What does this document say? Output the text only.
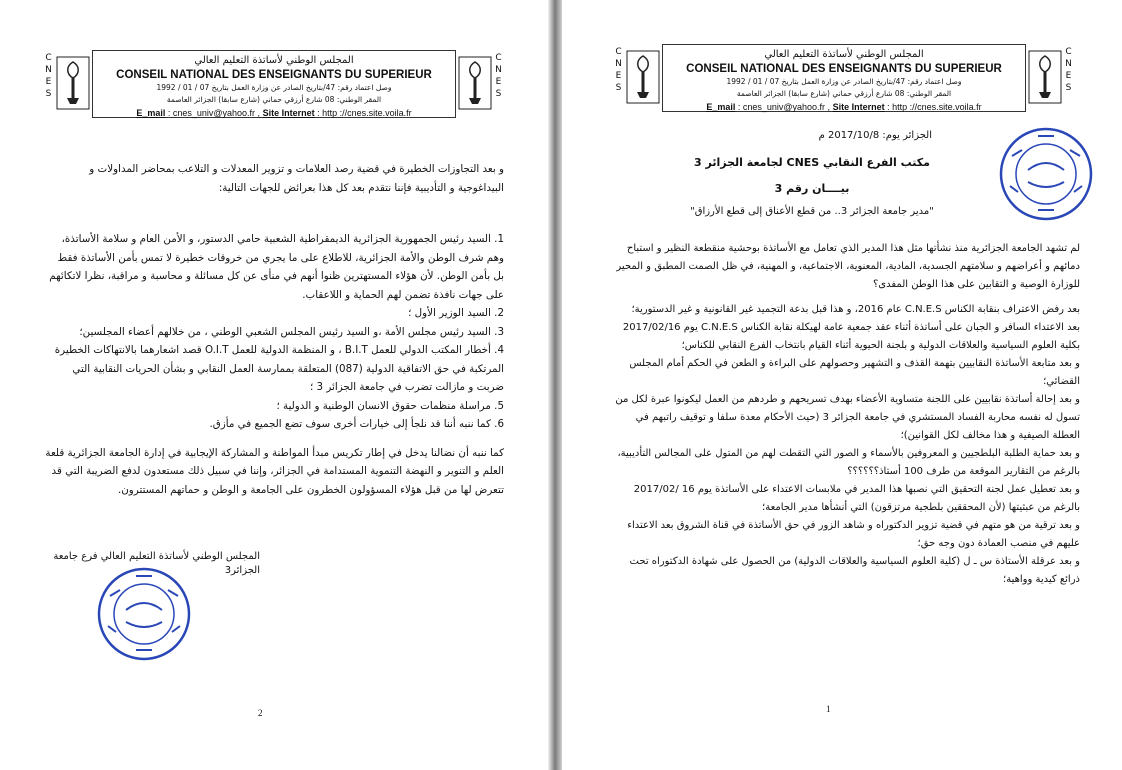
C N E S
المجلس الوطني لأساتذة التعليم العالي
CONSEIL NATIONAL DES ENSEIGNANTS DU SUPERIEUR
وصل اعتماد رقم: 47/بتاريخ الصادر عن وزارة العمل بتاريخ 07 / 01 / 1992
المقر الوطني: 08 شارع أرزقي حماني (شارع سابقا) الجزائر العاصمة
E_mail : cnes_univ@yahoo.fr , Site Internet : http ://cnes.site.voila.fr
C N E S

و بعد التجاوزات الخطيرة في قضية رصد العلامات و تزوير المعدلات و التلاعب بمحاضر المداولات و البيداغوجية و التأديبية فإننا نتقدم بعد كل هذا بعرائض للجهات التالية:

1. السيد رئيس الجمهورية الجزائرية الديمقراطية الشعبية حامي الدستور، و الأمن العام و سلامة الأساتذة، وهم شرف الوطن والأمة الجزائرية، للاطلاع على ما يجري من خروقات خطيرة لا تمس بأمن الأساتذة فقط بل بأمن الوطن. لأن هؤلاء المستهترين ظنوا أنهم في منأى عن كل مسائلة و محاسبة و مراقبة، نظرا لاتكائهم على جهات نافذة تضمن لهم الحماية و اللاعقاب.

2. السيد الوزير الأول ؛

3. السيد رئيس مجلس الأمة ،و السيد رئيس المجلس الشعبي الوطني ، من خلالهم أعضاء المجلسين؛

4. أخطار المكتب الدولي للعمل B.I.T ، و المنظمة الدولية للعمل O.I.T قصد اشعارهما بالانتهاكات الخطيرة المرتكبة في حق الاتفاقية الدولية (087) المتعلقة بممارسة العمل النقابي و بشأن الحريات النقابية التي ضربت و مازالت تضرب في جامعة الجزائر 3 ؛

5. مراسلة منظمات حقوق الانسان الوطنية و الدولية ؛

6. كما ننبه أننا قد نلجأ إلى خيارات أخرى سوف تضع الجميع في مأزق.

كما ننبه أن نضالنا يدخل في إطار تكريس مبدأ المواطنة و المشاركة الإيجابية في إدارة الجامعة الجزائرية قلعة العلم و التنوير و النهضة التنموية المستدامة في الجزائر، وإننا في سبيل ذلك مستعدون لدفع الضريبة التي قد تتعرض لها من قبل هؤلاء المسؤولون الخطرون على الجامعة و الوطن و حماتهم المستترون.

المجلس الوطني لأساتذة التعليم العالي فرع جامعة الجزائر3
2
C N E S
المجلس الوطني لأساتذة التعليم العالي
CONSEIL NATIONAL DES ENSEIGNANTS DU SUPERIEUR
وصل اعتماد رقم: 47/بتاريخ الصادر عن وزارة العمل بتاريخ 07 / 01 / 1992
المقر الوطني: 08 شارع أرزقي حماني (شارع سابقا) الجزائر العاصمة
E_mail : cnes_univ@yahoo.fr , Site Internet : http ://cnes.site.voila.fr
C N E S
الجزائر يوم: 2017/10/8 م
مكتب الفرع النقابي CNES لجامعة الجزائر 3
بيــــان رقم 3
"مدير جامعة الجزائر 3.. من قطع الأعناق إلى قطع الأرزاق"

لم تشهد الجامعة الجزائرية منذ نشأتها مثل هذا المدير الذي تعامل مع الأساتذة بوحشية منقطعة النظير و استباح دمائهم و أعراضهم و سلامتهم الجسدية، المادية، المعنوية، الاجتماعية، و المهنية، في ظل الصمت المطبق و المحير للوزارة الوصية و التقابين على هذا الوطن المفدى؟

بعد رفض الاعتراف بنقابة الكناس C.N.E.S عام 2016، و هذا قبل بدعة التجميد غير القانونية و غير الدستورية؛

بعد الاعتداء السافر و الجبان على أساتذة أثناء عقد جمعية عامة لهيكلة نقابة الكناس C.N.E.S يوم 2017/02/16 بكلية العلوم السياسية والعلاقات الدولية و بلجنة الحيوية أثناء القيام بانتخاب الفرع النقابي للكناس؛

و بعد متابعة الأساتذة النقابيين بتهمة القذف و التشهير وحصولهم على البراءة و الطعن في الحكم أمام المجلس القضائي؛

و بعد إحالة أساتذة نقابيين على اللجنة متساوية الأعضاء بهدف تسريحهم و طردهم من العمل ليكونوا عبرة لكل من تسول له نفسه محاربة الفساد المستشري في جامعة الجزائر 3 (حيث الأحكام معدة سلفا و توقيف راتبهم في العطلة الصيفية و هذا مخالف لكل القوانين)؛

و بعد حماية الطلبة البلطجيين و المعروفين بالأسماء و الصور التي التقطت لهم من المتول على المجالس التأديبية، بالرغم من التقارير الموقعة من طرف 100 أستاذ؟؟؟؟؟؟

و بعد تعطيل عمل لجنة التحقيق التي نصبها هذا المدير في ملابسات الاعتداء على الأساتذة يوم 16 /2017/02 بالرغم من عبثيتها (لأن المحققين بلطجية مرتزقون) التي أنشأها مدير الجامعة؛

و بعد ترقية من هو متهم في قضية تزوير الدكتوراه و شاهد الزور في حق الأساتذة في قناة الشروق بعد الاعتداء عليهم في منصب العمادة دون وجه حق؛

و بعد عرقلة الأستاذة س ـ ل (كلية العلوم السياسية والعلاقات الدولية) من الحصول على شهادة الدكتوراه تحت ذرائع كيدية وواهية؛

1
